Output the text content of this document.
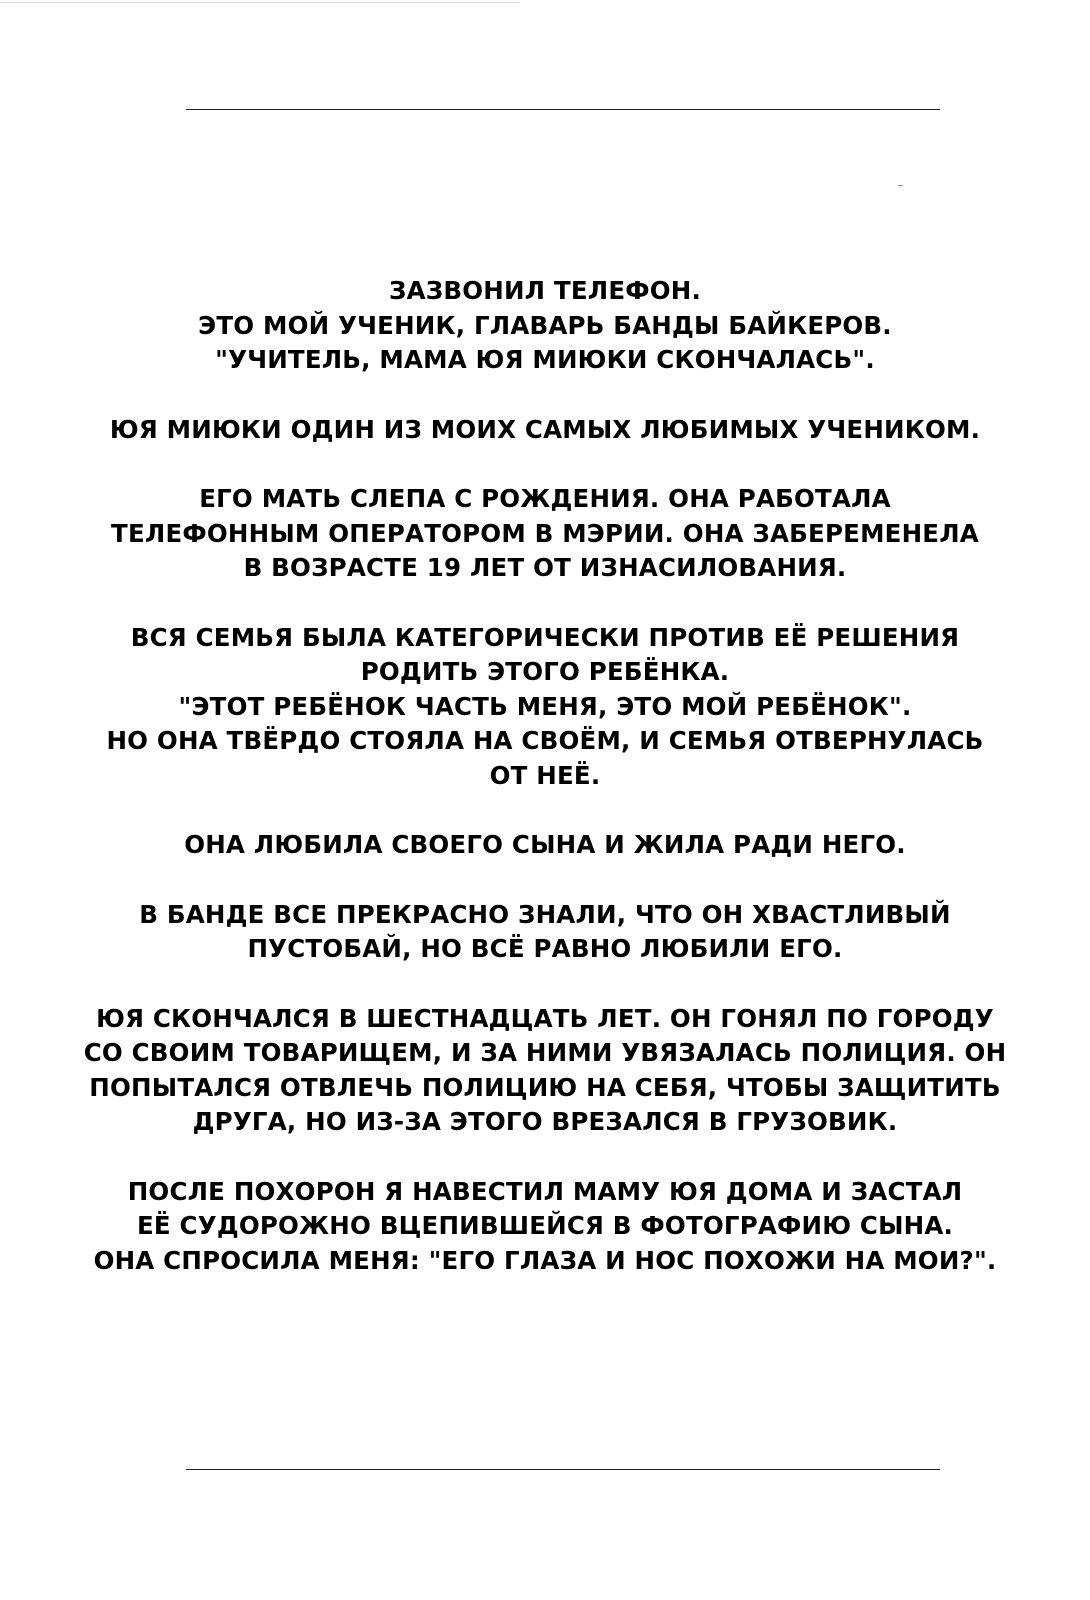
ЗАЗВОНИЛ ТЕЛЕФОН.
ЭТО МОЙ УЧЕНИК, ГЛАВАРЬ БАНДЫ БАЙКЕРОВ.
"УЧИТЕЛЬ, МАМА ЮЯ МИЮКИ СКОНЧАЛАСЬ".
ЮЯ МИЮКИ ОДИН ИЗ МОИХ САМЫХ ЛЮБИМЫХ УЧЕНИКОМ.
ЕГО МАТЬ СЛЕПА С РОЖДЕНИЯ. ОНА РАБОТАЛА
ТЕЛЕФОННЫМ ОПЕРАТОРОМ В МЭРИИ. ОНА ЗАБЕРЕМЕНЕЛА
В ВОЗРАСТЕ 19 ЛЕТ ОТ ИЗНАСИЛОВАНИЯ.
ВСЯ СЕМЬЯ БЫЛА КАТЕГОРИЧЕСКИ ПРОТИВ ЕЁ РЕШЕНИЯ
РОДИТЬ ЭТОГО РЕБЁНКА.
"ЭТОТ РЕБЁНОК ЧАСТЬ МЕНЯ, ЭТО МОЙ РЕБЁНОК".
НО ОНА ТВЁРДО СТОЯЛА НА СВОЁМ, И СЕМЬЯ ОТВЕРНУЛАСЬ
ОТ НЕЁ.
ОНА ЛЮБИЛА СВОЕГО СЫНА И ЖИЛА РАДИ НЕГО.
В БАНДЕ ВСЕ ПРЕКРАСНО ЗНАЛИ, ЧТО ОН ХВАСТЛИВЫЙ
ПУСТОБАЙ, НО ВСЁ РАВНО ЛЮБИЛИ ЕГО.
ЮЯ СКОНЧАЛСЯ В ШЕСТНАДЦАТЬ ЛЕТ. ОН ГОНЯЛ ПО ГОРОДУ
СО СВОИМ ТОВАРИЩЕМ, И ЗА НИМИ УВЯЗАЛАСЬ ПОЛИЦИЯ. ОН
ПОПЫТАЛСЯ ОТВЛЕЧЬ ПОЛИЦИЮ НА СЕБЯ, ЧТОБЫ ЗАЩИТИТЬ
ДРУГА, НО ИЗ-ЗА ЭТОГО ВРЕЗАЛСЯ В ГРУЗОВИК.
ПОСЛЕ ПОХОРОН Я НАВЕСТИЛ МАМУ ЮЯ ДОМА И ЗАСТАЛ
ЕЁ СУДОРОЖНО ВЦЕПИВШЕЙСЯ В ФОТОГРАФИЮ СЫНА.
ОНА СПРОСИЛА МЕНЯ: "ЕГО ГЛАЗА И НОС ПОХОЖИ НА МОИ?".
